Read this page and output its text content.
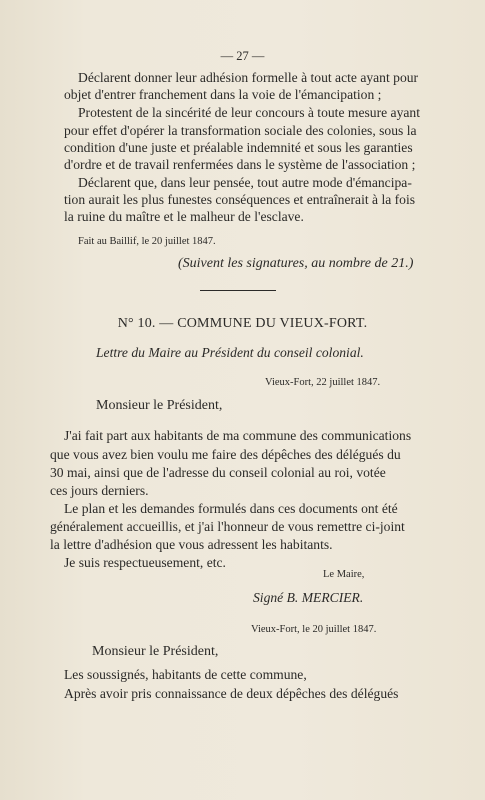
— 27 —
Déclarent donner leur adhésion formelle à tout acte ayant pour
objet d'entrer franchement dans la voie de l'émancipation ;
Protestent de la sincérité de leur concours à toute mesure ayant
pour effet d'opérer la transformation sociale des colonies, sous la
condition d'une juste et préalable indemnité et sous les garanties
d'ordre et de travail renfermées dans le système de l'association ;
Déclarent que, dans leur pensée, tout autre mode d'émancipa-
tion aurait les plus funestes conséquences et entraînerait à la fois
la ruine du maître et le malheur de l'esclave.
Fait au Baillif, le 20 juillet 1847.
(Suivent les signatures, au nombre de 21.)
N° 10. — COMMUNE DU VIEUX-FORT.
Lettre du Maire au Président du conseil colonial.
Vieux-Fort, 22 juillet 1847.
Monsieur le Président,
J'ai fait part aux habitants de ma commune des communications
que vous avez bien voulu me faire des dépêches des délégués du
30 mai, ainsi que de l'adresse du conseil colonial au roi, votée
ces jours derniers.
Le plan et les demandes formulés dans ces documents ont été
généralement accueillis, et j'ai l'honneur de vous remettre ci-joint
la lettre d'adhésion que vous adressent les habitants.
Je suis respectueusement, etc.
Le Maire,
Signé B. MERCIER.
Vieux-Fort, le 20 juillet 1847.
Monsieur le Président,
Les soussignés, habitants de cette commune,
Après avoir pris connaissance de deux dépêches des délégués
